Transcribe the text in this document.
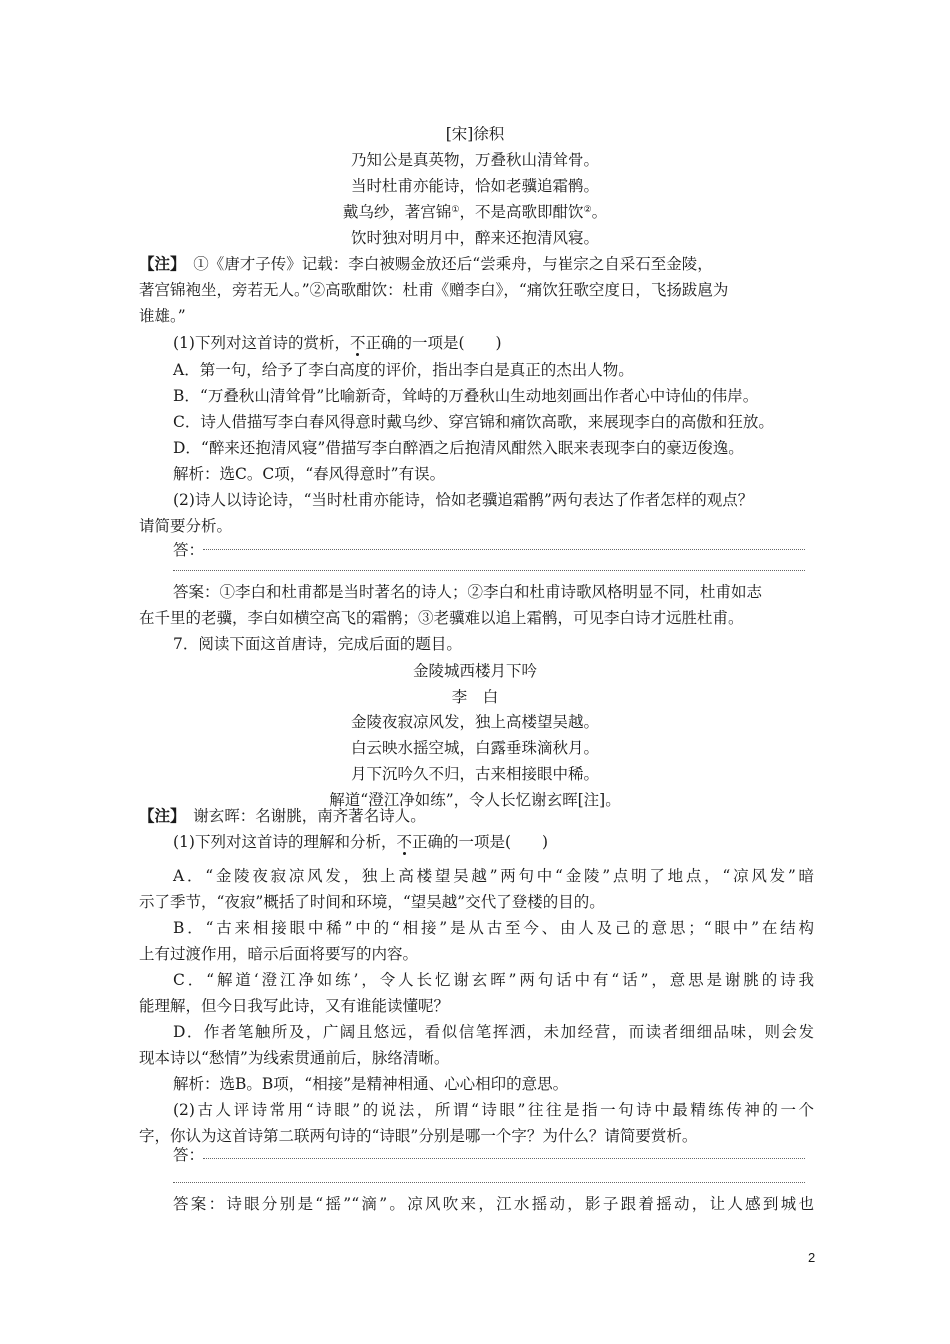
[宋]徐积
乃知公是真英物，万叠秋山清耸骨。
当时杜甫亦能诗，恰如老骥追霜鹘。
戴乌纱，著宫锦①，不是高歌即酣饮②。
饮时独对明月中，醉来还抱清风寝。
【注】　 ①《唐才子传》记载：李白被赐金放还后“尝乘舟，与崔宗之自采石至金陵，
著宫锦袍坐，旁若无人。”②高歌酣饮：杜甫《赠李白》，“痛饮狂歌空度日，飞扬跋扈为
谁雄。”
(1)下列对这首诗的赏析，不正确的一项是(　　)
A．第一句，给予了李白高度的评价，指出李白是真正的杰出人物。
B．“万叠秋山清耸骨”比喻新奇，耸峙的万叠秋山生动地刻画出作者心中诗仙的伟岸。
C．诗人借描写李白春风得意时戴乌纱、穿宫锦和痛饮高歌，来展现李白的高傲和狂放。
D．“醉来还抱清风寝”借描写李白醉酒之后抱清风酣然入眠来表现李白的豪迈俊逸。
解析：选C。C项，“春风得意时”有误。
(2)诗人以诗论诗，“当时杜甫亦能诗，恰如老骥追霜鹘”两句表达了作者怎样的观点？
请简要分析。
答：
答案：①李白和杜甫都是当时著名的诗人；②李白和杜甫诗歌风格明显不同，杜甫如志
在千里的老骥，李白如横空高飞的霜鹘；③老骥难以追上霜鹘，可见李白诗才远胜杜甫。
7．阅读下面这首唐诗，完成后面的题目。
金陵城西楼月下吟
李　白
金陵夜寂凉风发，独上高楼望吴越。
白云映水摇空城，白露垂珠滴秋月。
月下沉吟久不归，古来相接眼中稀。
解道“澄江净如练”，令人长忆谢玄晖[注]。
【注】　 谢玄晖：名谢朓，南齐著名诗人。
(1)下列对这首诗的理解和分析，不正确的一项是(　　)
A．“金陵夜寂凉风发，独上高楼望吴越”两句中“金陵”点明了地点，“凉风发”暗
示了季节，“夜寂”概括了时间和环境，“望吴越”交代了登楼的目的。
B．“古来相接眼中稀”中的“相接”是从古至今、由人及己的意思；“眼中”在结构
上有过渡作用，暗示后面将要写的内容。
C．“解道‘澄江净如练’，令人长忆谢玄晖”两句话中有“话”，意思是谢朓的诗我
能理解，但今日我写此诗，又有谁能读懂呢？
D．作者笔触所及，广阔且悠远，看似信笔挥洒，未加经营，而读者细细品味，则会发
现本诗以“愁情”为线索贯通前后，脉络清晰。
解析：选B。B项，“相接”是精神相通、心心相印的意思。
(2)古人评诗常用“诗眼”的说法，所谓“诗眼”往往是指一句诗中最精练传神的一个
字，你认为这首诗第二联两句诗的“诗眼”分别是哪一个字？为什么？请简要赏析。
答：
答案：诗眼分别是“摇”“滴”。凉风吹来，江水摇动，影子跟着摇动，让人感到城也
2
